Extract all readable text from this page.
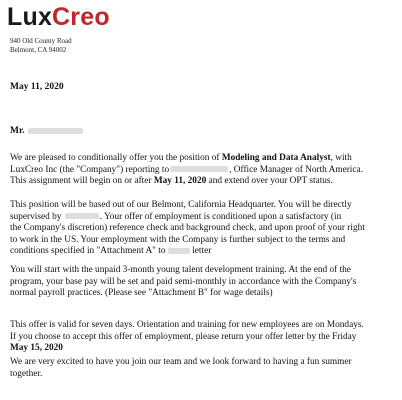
LuxCreo
940 Old County Road
Belmont, CA 94002
May 11, 2020
Mr.
We are pleased to conditionally offer you the position of Modeling and Data Analyst, with
LuxCreo Inc (the "Company") reporting to	, Office Manager of North America.
This assignment will begin on or after May 11, 2020 and extend over your OPT status.
This position will be based out of our Belmont, California Headquarter. You will be directly
supervised by	. Your offer of employment is conditioned upon a satisfactory (in
the Company's discretion) reference check and background check, and upon proof of your right
to work in the US. Your employment with the Company is further subject to the terms and
conditions specified in "Attachment A" to	letter
You will start with the unpaid 3-month young talent development training. At the end of the
program, your base pay will be set and paid semi-monthly in accordance with the Company's
normal payroll practices. (Please see "Attachment B" for wage details)
This offer is valid for seven days. Orientation and training for new employees are on Mondays.
If you choose to accept this offer of employment, please return your offer letter by the Friday
May 15, 2020
We are very excited to have you join our team and we look forward to having a fun summer
together.
